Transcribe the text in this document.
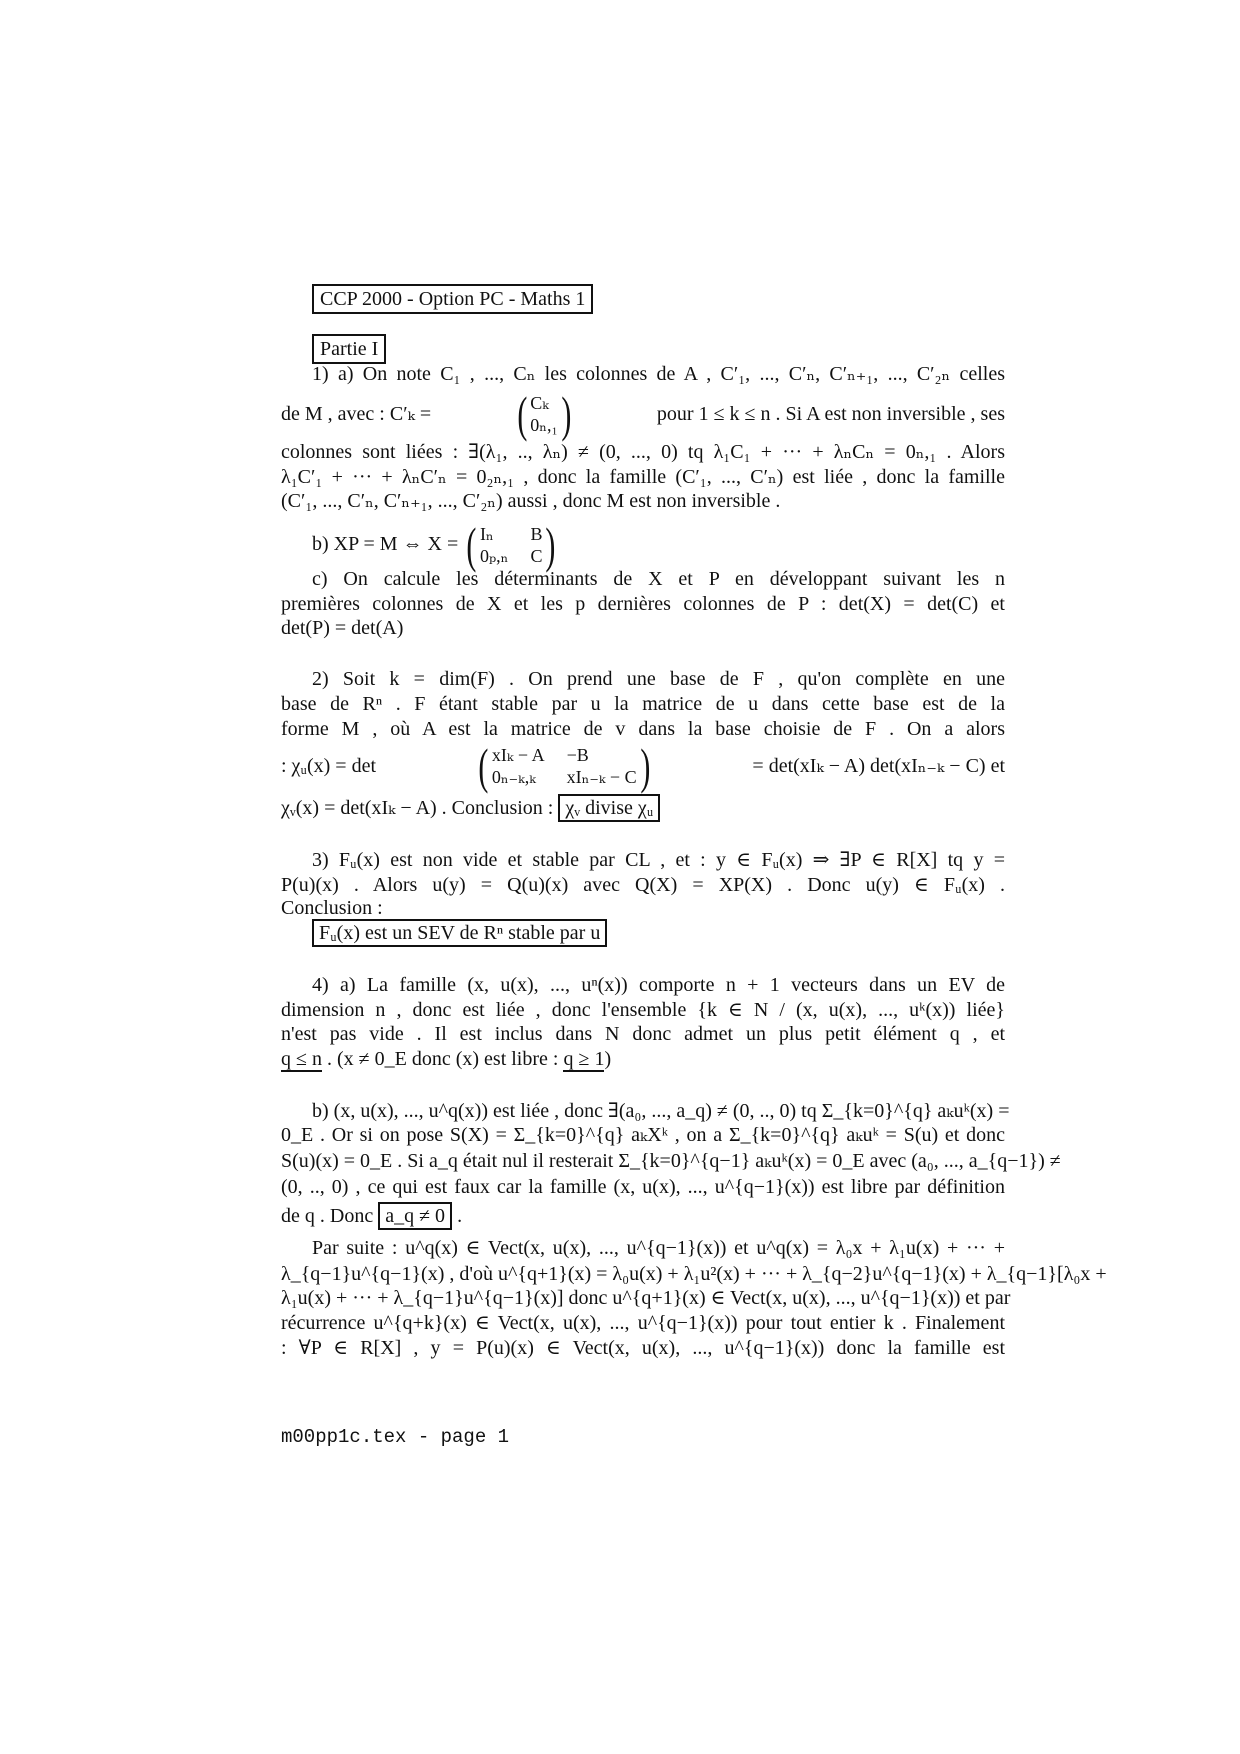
CCP 2000 - Option PC - Maths 1
Partie I
1) a) On note C₁ , ..., Cₙ les colonnes de A , C′₁, ..., C′ₙ, C′ₙ₊₁, ..., C′₂ₙ celles
de M , avec : C′ₖ = ( Cₖ
0ₙ,₁ )	pour 1 ≤ k ≤ n . Si A est non inversible , ses
colonnes sont liées : ∃(λ₁, .., λₙ) ≠ (0, ..., 0) tq λ₁C₁ + ··· + λₙCₙ = 0ₙ,₁ . Alors
λ₁C′₁ + ··· + λₙC′ₙ = 0₂ₙ,₁ , donc la famille (C′₁, ..., C′ₙ) est liée , donc la famille
(C′₁, ..., C′ₙ, C′ₙ₊₁, ..., C′₂ₙ) aussi , donc M est non inversible .
b) XP = M ⇔ X = ( Iₙ	B
0ₚ,ₙ C )
c) On calcule les déterminants de X et P en développant suivant les n
premières colonnes de X et les p dernières colonnes de P : det(X) = det(C) et
det(P) = det(A)
2) Soit k = dim(F) . On prend une base de F , qu'on complète en une
base de Rⁿ . F étant stable par u la matrice de u dans cette base est de la
forme M , où A est la matrice de v dans la base choisie de F . On a alors
: χᵤ(x) = det ( xIₖ − A −B
0ₙ₋ₖ,ₖ	xIₙ₋ₖ − C )	= det(xIₖ − A) det(xIₙ₋ₖ − C) et
χᵥ(x) = det(xIₖ − A) . Conclusion : χᵥ divise χᵤ
3) Fᵤ(x) est non vide et stable par CL , et : y ∈ Fᵤ(x) ⇒ ∃P ∈ R[X] tq y =
P(u)(x) . Alors u(y) = Q(u)(x) avec Q(X) = XP(X) . Donc u(y) ∈ Fᵤ(x) .
Conclusion :
Fᵤ(x) est un SEV de Rⁿ stable par u
4) a) La famille (x, u(x), ..., uⁿ(x)) comporte n + 1 vecteurs dans un EV de
dimension n , donc est liée , donc l'ensemble {k ∈ N / (x, u(x), ..., uᵏ(x)) liée}
n'est pas vide . Il est inclus dans N donc admet un plus petit élément q , et
q ≤ n . (x ≠ 0_E donc (x) est libre : q ≥ 1)
b) (x, u(x), ..., u^q(x)) est liée , donc ∃(a₀, ..., a_q) ≠ (0, .., 0) tq Σ_{k=0}^{q} aₖuᵏ(x) =
0_E . Or si on pose S(X) = Σ_{k=0}^{q} aₖXᵏ , on a Σ_{k=0}^{q} aₖuᵏ = S(u) et donc
S(u)(x) = 0_E . Si a_q était nul il resterait Σ_{k=0}^{q−1} aₖuᵏ(x) = 0_E avec (a₀, ..., a_{q−1}) ≠
(0, .., 0) , ce qui est faux car la famille (x, u(x), ..., u^{q−1}(x)) est libre par définition
de q . Donc a_q ≠ 0 .
Par suite : u^q(x) ∈ Vect(x, u(x), ..., u^{q−1}(x)) et u^q(x) = λ₀x + λ₁u(x) + ··· +
λ_{q−1}u^{q−1}(x) , d'où u^{q+1}(x) = λ₀u(x) + λ₁u²(x) + ··· + λ_{q−2}u^{q−1}(x) + λ_{q−1}[λ₀x +
λ₁u(x) + ··· + λ_{q−1}u^{q−1}(x)] donc u^{q+1}(x) ∈ Vect(x, u(x), ..., u^{q−1}(x)) et par
récurrence u^{q+k}(x) ∈ Vect(x, u(x), ..., u^{q−1}(x)) pour tout entier k . Finalement
: ∀P ∈ R[X] , y = P(u)(x) ∈ Vect(x, u(x), ..., u^{q−1}(x)) donc la famille est
m00pp1c.tex - page 1
